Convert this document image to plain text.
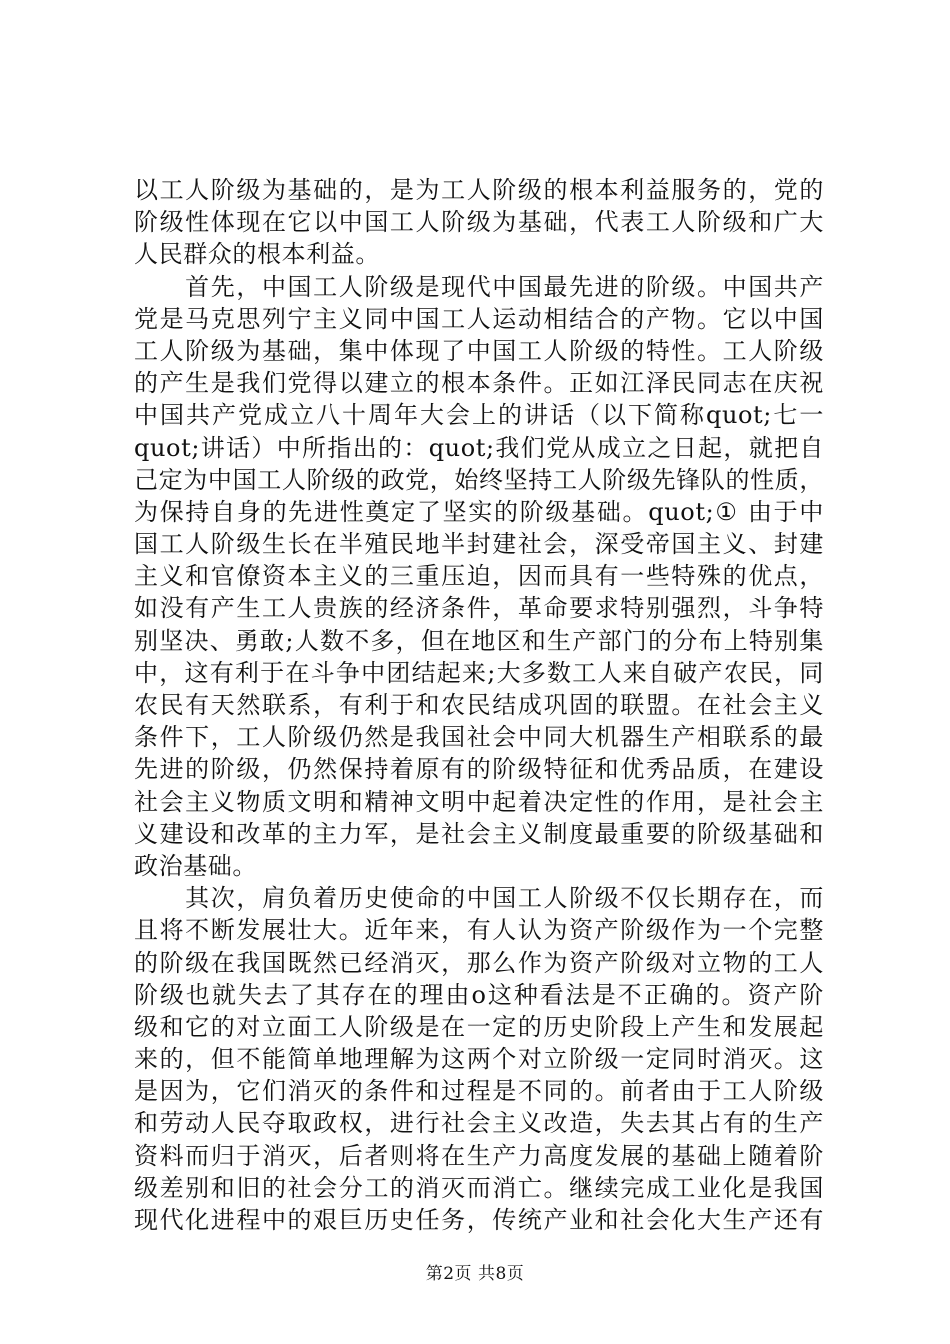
以工人阶级为基础的，是为工人阶级的根本利益服务的，党的
阶级性体现在它以中国工人阶级为基础，代表工人阶级和广大
人民群众的根本利益。
　　首先，中国工人阶级是现代中国最先进的阶级。中国共产
党是马克思列宁主义同中国工人运动相结合的产物。它以中国
工人阶级为基础，集中体现了中国工人阶级的特性。工人阶级
的产生是我们党得以建立的根本条件。正如江泽民同志在庆祝
中国共产党成立八十周年大会上的讲话（以下简称quot;七一
quot;讲话）中所指出的：quot;我们党从成立之日起，就把自
己定为中国工人阶级的政党，始终坚持工人阶级先锋队的性质，
为保持自身的先进性奠定了坚实的阶级基础。quot;① 由于中
国工人阶级生长在半殖民地半封建社会，深受帝国主义、封建
主义和官僚资本主义的三重压迫，因而具有一些特殊的优点，
如没有产生工人贵族的经济条件，革命要求特别强烈，斗争特
别坚决、勇敢;人数不多，但在地区和生产部门的分布上特别集
中，这有利于在斗争中团结起来;大多数工人来自破产农民，同
农民有天然联系，有利于和农民结成巩固的联盟。在社会主义
条件下，工人阶级仍然是我国社会中同大机器生产相联系的最
先进的阶级，仍然保持着原有的阶级特征和优秀品质，在建设
社会主义物质文明和精神文明中起着决定性的作用，是社会主
义建设和改革的主力军，是社会主义制度最重要的阶级基础和
政治基础。
　　其次，肩负着历史使命的中国工人阶级不仅长期存在，而
且将不断发展壮大。近年来，有人认为资产阶级作为一个完整
的阶级在我国既然已经消灭，那么作为资产阶级对立物的工人
阶级也就失去了其存在的理由o这种看法是不正确的。资产阶
级和它的对立面工人阶级是在一定的历史阶段上产生和发展起
来的，但不能简单地理解为这两个对立阶级一定同时消灭。这
是因为，它们消灭的条件和过程是不同的。前者由于工人阶级
和劳动人民夺取政权，进行社会主义改造，失去其占有的生产
资料而归于消灭，后者则将在生产力高度发展的基础上随着阶
级差别和旧的社会分工的消灭而消亡。继续完成工业化是我国
现代化进程中的艰巨历史任务，传统产业和社会化大生产还有
第2页 共8页
